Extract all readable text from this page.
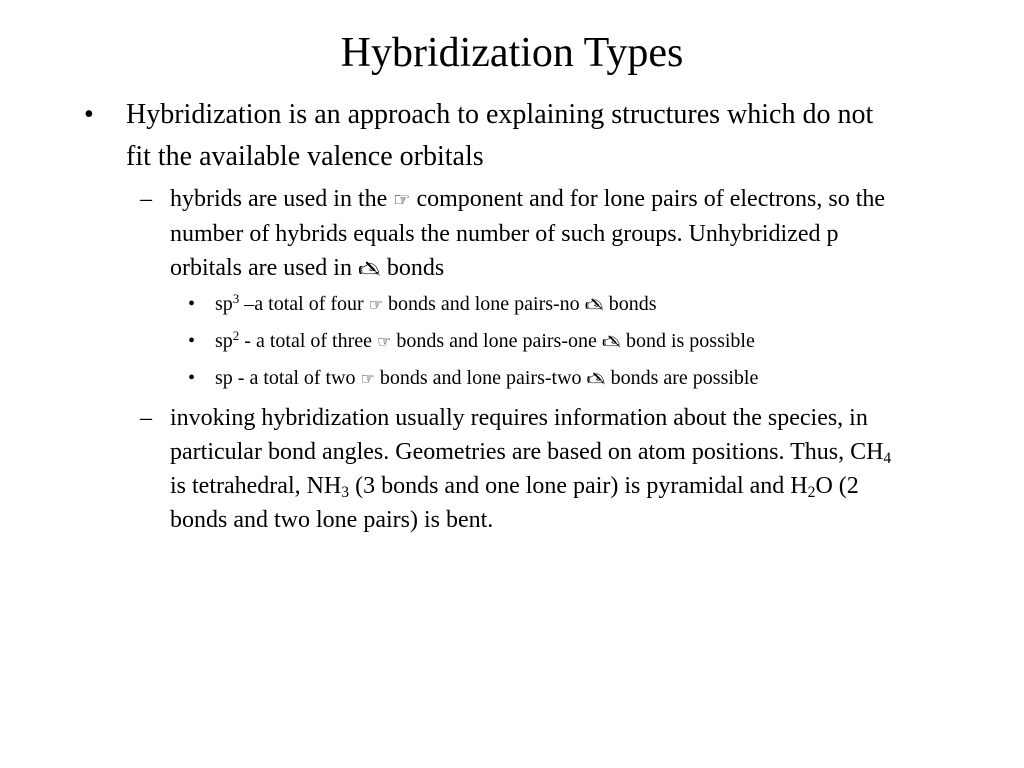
Hybridization Types
• Hybridization is an approach to explaining structures which do not fit the available valence orbitals
– hybrids are used in the ☞ component and for lone pairs of electrons, so the number of hybrids equals the number of such groups. Unhybridized p orbitals are used in 🖎 bonds
• $sp^3$ –a total of four ☞ bonds and lone pairs-no 🖎 bonds
• $sp^2$ - a total of three ☞ bonds and lone pairs-one 🖎 bond is possible
• sp - a total of two ☞ bonds and lone pairs-two 🖎 bonds are possible
– invoking hybridization usually requires information about the species, in particular bond angles. Geometries are based on atom positions. Thus, $CH_4$ is tetrahedral, $NH_3$ (3 bonds and one lone pair) is pyramidal and $H_2O$ (2 bonds and two lone pairs) is bent.
